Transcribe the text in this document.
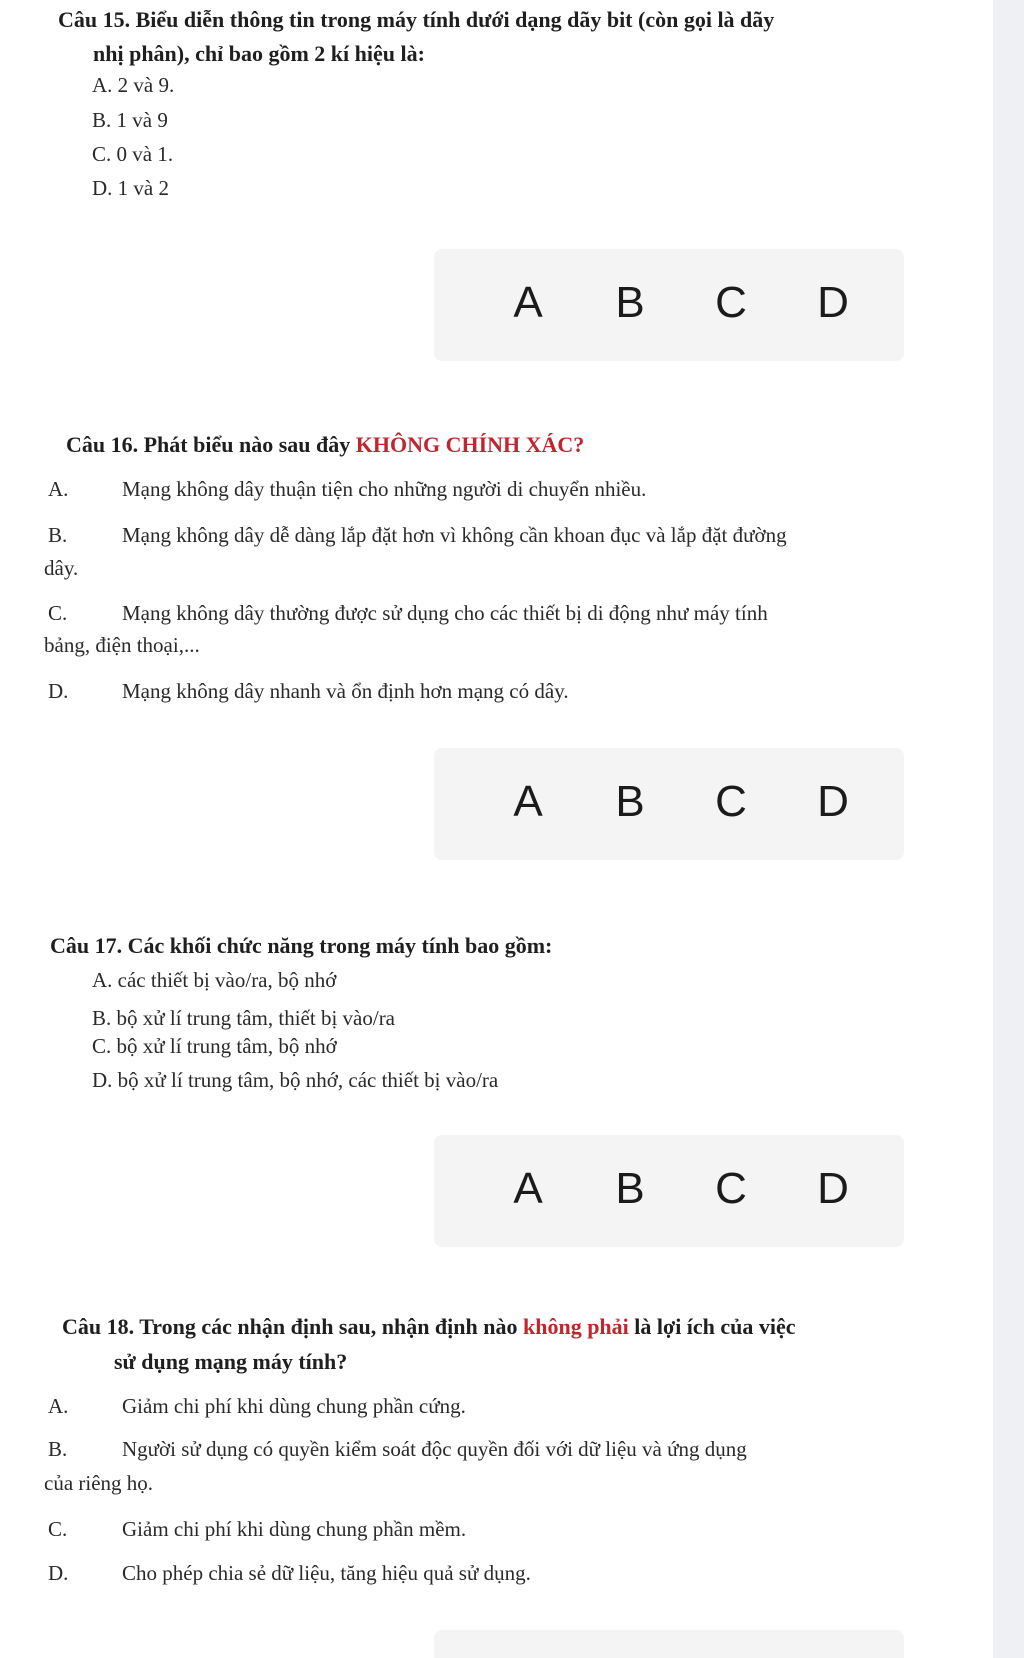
Câu 15. Biểu diễn thông tin trong máy tính dưới dạng dãy bit (còn gọi là dãy
nhị phân), chỉ bao gồm 2 kí hiệu là:
A. 2 và 9.
B. 1 và 9
C. 0 và 1.
D. 1 và 2
A	B	C	D
Câu 16. Phát biểu nào sau đây KHÔNG CHÍNH XÁC?
A.	Mạng không dây thuận tiện cho những người di chuyển nhiều.
B.	Mạng không dây dễ dàng lắp đặt hơn vì không cần khoan đục và lắp đặt đường
dây.
C.	Mạng không dây thường được sử dụng cho các thiết bị di động như máy tính
bảng, điện thoại,...
D.	Mạng không dây nhanh và ổn định hơn mạng có dây.
A	B	C	D
Câu 17. Các khối chức năng trong máy tính bao gồm:
A. các thiết bị vào/ra, bộ nhớ
B. bộ xử lí trung tâm, thiết bị vào/ra
C. bộ xử lí trung tâm, bộ nhớ
D. bộ xử lí trung tâm, bộ nhớ, các thiết bị vào/ra
A	B	C	D
Câu 18. Trong các nhận định sau, nhận định nào không phải là lợi ích của việc
sử dụng mạng máy tính?
A.	Giảm chi phí khi dùng chung phần cứng.
B.	Người sử dụng có quyền kiểm soát độc quyền đối với dữ liệu và ứng dụng
của riêng họ.
C.	Giảm chi phí khi dùng chung phần mềm.
D.	Cho phép chia sẻ dữ liệu, tăng hiệu quả sử dụng.
